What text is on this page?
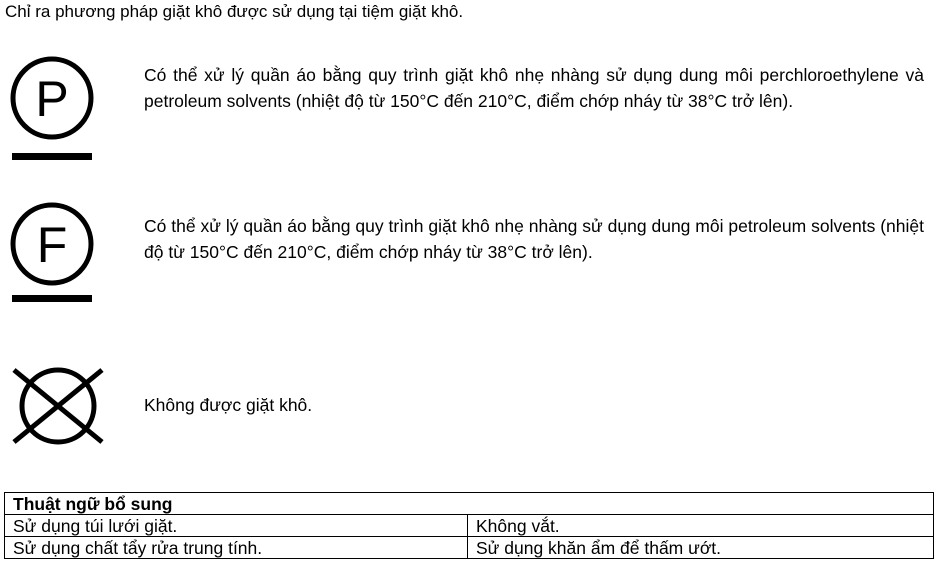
Chỉ ra phương pháp giặt khô được sử dụng tại tiệm giặt khô.
P	Có thể xử lý quần áo bằng quy trình giặt khô nhẹ nhàng sử dụng dung môi perchloroethylene và petroleum solvents (nhiệt độ từ 150°C đến 210°C, điểm chớp nháy từ 38°C trở lên).
F	Có thể xử lý quần áo bằng quy trình giặt khô nhẹ nhàng sử dụng dung môi petroleum solvents (nhiệt độ từ 150°C đến 210°C, điểm chớp nháy từ 38°C trở lên).
Không được giặt khô.
Thuật ngữ bổ sung	
Sử dụng túi lưới giặt.	Không vắt.
Sử dụng chất tẩy rửa trung tính.	Sử dụng khăn ẩm để thấm ướt.
